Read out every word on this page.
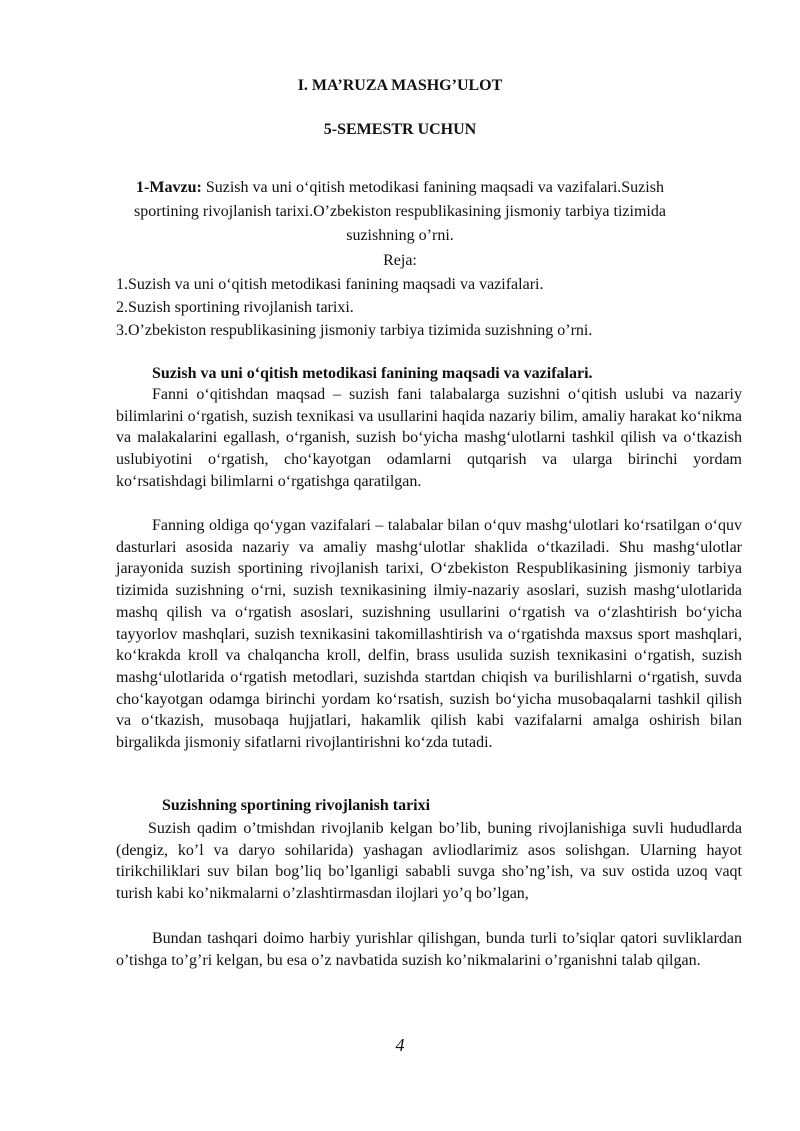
I. MA’RUZA MASHG’ULOT
5-SEMESTR UCHUN

1-Mavzu: Suzish va uni o‘qitish metodikasi fanining maqsadi va vazifalari.Suzish sportining rivojlanish tarixi.O’zbekiston respublikasining jismoniy tarbiya tizimida suzishning o’rni.

Reja:

1.Suzish va uni o‘qitish metodikasi fanining maqsadi va vazifalari.
2.Suzish sportining rivojlanish tarixi.
3.O’zbekiston respublikasining jismoniy tarbiya tizimida suzishning o’rni.

Suzish va uni o‘qitish metodikasi fanining maqsadi va vazifalari.

Fanni o‘qitishdan maqsad – suzish fani talabalarga suzishni o‘qitish uslubi va nazariy bilimlarini o‘rgatish, suzish texnikasi va usullarini haqida nazariy bilim, amaliy harakat ko‘nikma va malakalarini egallash, o‘rganish, suzish bo‘yicha mashg‘ulotlarni tashkil qilish va o‘tkazish uslubiyotini o‘rgatish, cho‘kayotgan odamlarni qutqarish va ularga birinchi yordam ko‘rsatishdagi bilimlarni o‘rgatishga qaratilgan.

Fanning oldiga qo‘ygan vazifalari – talabalar bilan o‘quv mashg‘ulotlari ko‘rsatilgan o‘quv dasturlari asosida nazariy va amaliy mashg‘ulotlar shaklida o‘tkaziladi. Shu mashg‘ulotlar jarayonida suzish sportining rivojlanish tarixi, O‘zbekiston Respublikasining jismoniy tarbiya tizimida suzishning o‘rni, suzish texnikasining ilmiy-nazariy asoslari, suzish mashg‘ulotlarida mashq qilish va o‘rgatish asoslari, suzishning usullarini o‘rgatish va o‘zlashtirish bo‘yicha tayyorlov mashqlari, suzish texnikasini takomillashtirish va o‘rgatishda maxsus sport mashqlari, ko‘krakda kroll va chalqancha kroll, delfin, brass usulida suzish texnikasini o‘rgatish, suzish mashg‘ulotlarida o‘rgatish metodlari, suzishda startdan chiqish va burilishlarni o‘rgatish, suvda cho‘kayotgan odamga birinchi yordam ko‘rsatish, suzish bo‘yicha musobaqalarni tashkil qilish va o‘tkazish, musobaqa hujjatlari, hakamlik qilish kabi vazifalarni amalga oshirish bilan birgalikda jismoniy sifatlarni rivojlantirishni ko‘zda tutadi.

Suzishning sportining rivojlanish tarixi

Suzish qadim o’tmishdan rivojlanib kelgan bo’lib, buning rivojlanishiga suvli hududlarda (dengiz, ko’l va daryo sohilarida) yashagan avliodlarimiz asos solishgan. Ularning hayot tirikchiliklari suv bilan bog’liq bo’lganligi sababli suvga sho’ng’ish, va suv ostida uzoq vaqt turish kabi ko’nikmalarni o’zlashtirmasdan ilojlari yo’q bo’lgan,

Bundan tashqari doimo harbiy yurishlar qilishgan, bunda turli to’siqlar qatori suvliklardan o’tishga to’g’ri kelgan, bu esa o’z navbatida suzish ko’nikmalarini o’rganishni talab qilgan.

4
